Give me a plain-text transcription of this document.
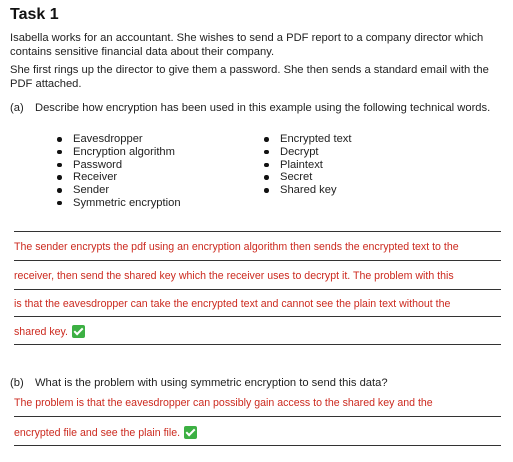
Task 1
Isabella works for an accountant. She wishes to send a PDF report to a company director which contains sensitive financial data about their company.
She first rings up the director to give them a password. She then sends a standard email with the PDF attached.
(a) Describe how encryption has been used in this example using the following technical words.
Eavesdropper
Encryption algorithm
Password
Receiver
Sender
Symmetric encryption
Encrypted text
Decrypt
Plaintext
Secret
Shared key
The sender encrypts the pdf using an encryption algorithm then sends the encrypted text to the
receiver, then send the shared key which the receiver uses to decrypt it. The problem with this
is that the eavesdropper can take the encrypted text and cannot see the plain text without the
shared key.
(b) What is the problem with using symmetric encryption to send this data?
The problem is that the eavesdropper can possibly gain access to the shared key and the
encrypted file and see the plain file.
